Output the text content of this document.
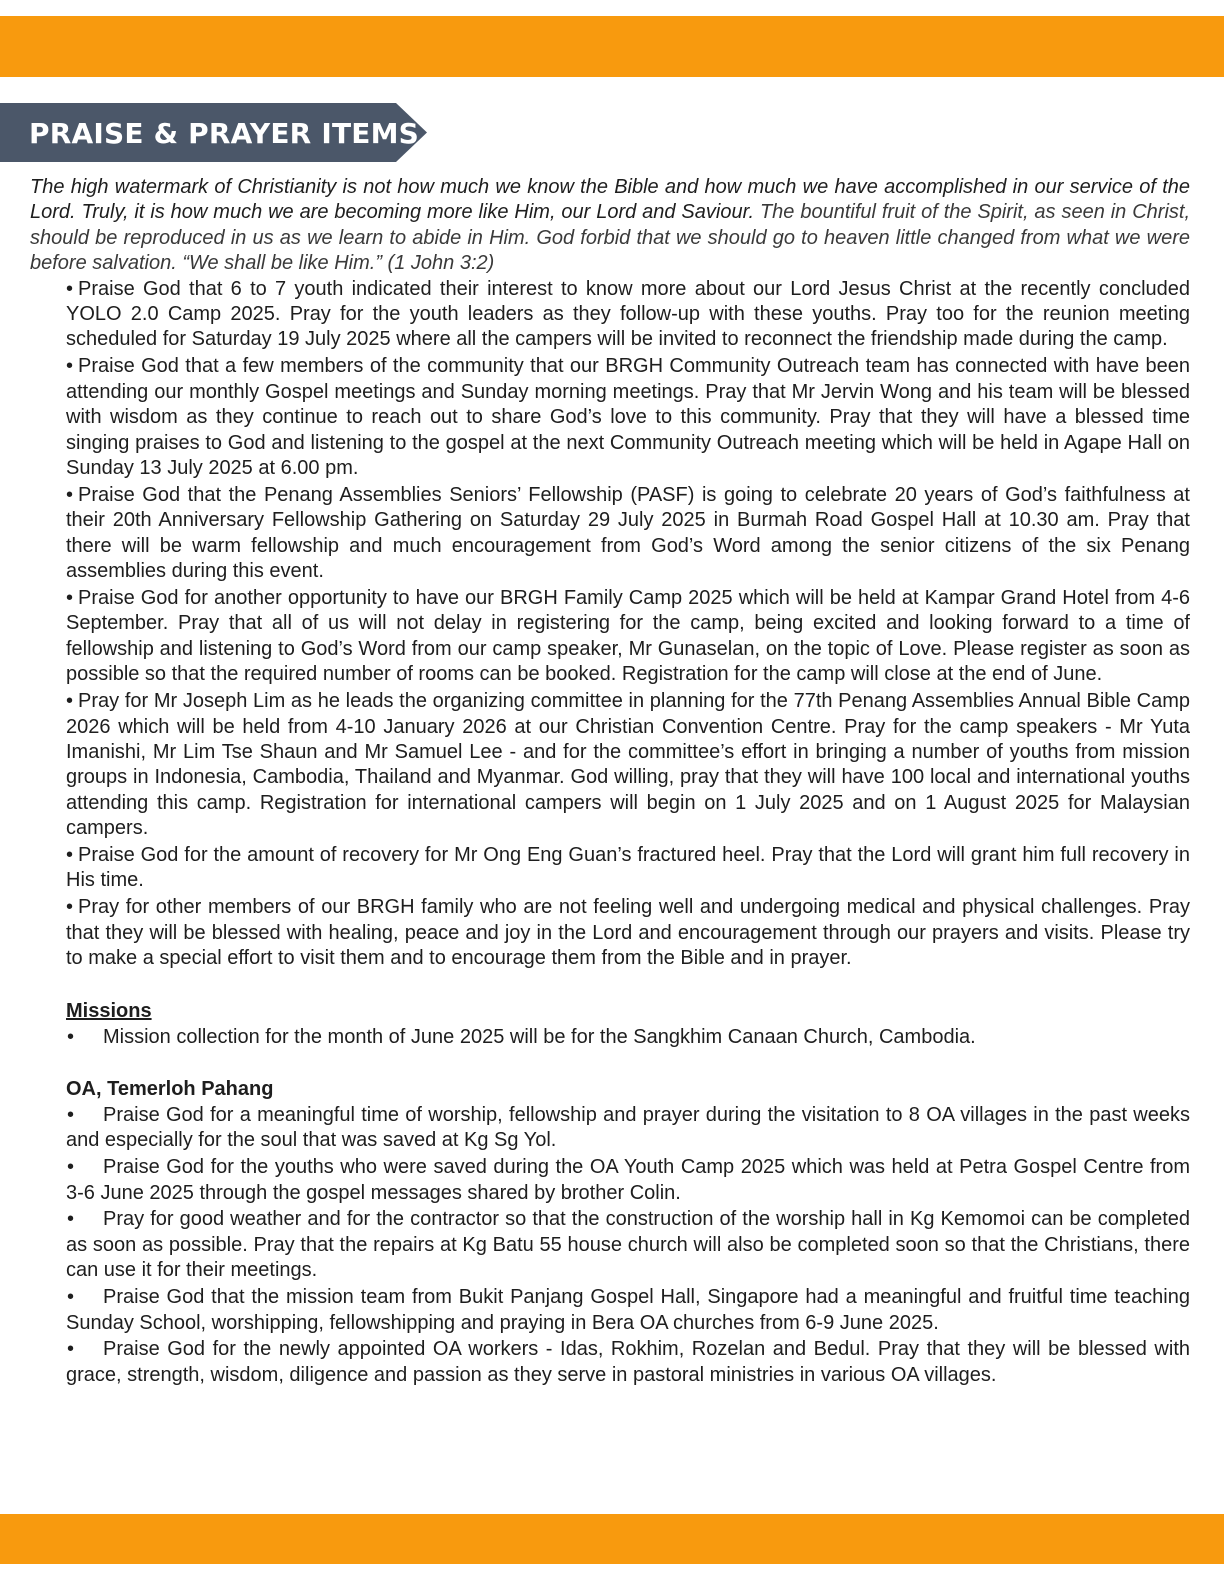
PRAISE & PRAYER ITEMS

The high watermark of Christianity is not how much we know the Bible and how much we have accomplished in our service of the Lord. Truly, it is how much we are becoming more like Him, our Lord and Saviour. The bountiful fruit of the Spirit, as seen in Christ, should be reproduced in us as we learn to abide in Him. God forbid that we should go to heaven little changed from what we were before salvation. “We shall be like Him.” (1 John 3:2)

• Praise God that 6 to 7 youth indicated their interest to know more about our Lord Jesus Christ at the recently concluded YOLO 2.0 Camp 2025. Pray for the youth leaders as they follow-up with these youths. Pray too for the reunion meeting scheduled for Saturday 19 July 2025 where all the campers will be invited to reconnect the friendship made during the camp.
• Praise God that a few members of the community that our BRGH Community Outreach team has connected with have been attending our monthly Gospel meetings and Sunday morning meetings. Pray that Mr Jervin Wong and his team will be blessed with wisdom as they continue to reach out to share God’s love to this community. Pray that they will have a blessed time singing praises to God and listening to the gospel at the next Community Outreach meeting which will be held in Agape Hall on Sunday 13 July 2025 at 6.00 pm.
• Praise God that the Penang Assemblies Seniors’ Fellowship (PASF) is going to celebrate 20 years of God’s faithfulness at their 20th Anniversary Fellowship Gathering on Saturday 29 July 2025 in Burmah Road Gospel Hall at 10.30 am. Pray that there will be warm fellowship and much encouragement from God’s Word among the senior citizens of the six Penang assemblies during this event.
• Praise God for another opportunity to have our BRGH Family Camp 2025 which will be held at Kampar Grand Hotel from 4-6 September. Pray that all of us will not delay in registering for the camp, being excited and looking forward to a time of fellowship and listening to God’s Word from our camp speaker, Mr Gunaselan, on the topic of Love. Please register as soon as possible so that the required number of rooms can be booked. Registration for the camp will close at the end of June.
• Pray for Mr Joseph Lim as he leads the organizing committee in planning for the 77th Penang Assemblies Annual Bible Camp 2026 which will be held from 4-10 January 2026 at our Christian Convention Centre. Pray for the camp speakers - Mr Yuta Imanishi, Mr Lim Tse Shaun and Mr Samuel Lee - and for the committee’s effort in bringing a number of youths from mission groups in Indonesia, Cambodia, Thailand and Myanmar. God willing, pray that they will have 100 local and international youths attending this camp. Registration for international campers will begin on 1 July 2025 and on 1 August 2025 for Malaysian campers.
• Praise God for the amount of recovery for Mr Ong Eng Guan’s fractured heel. Pray that the Lord will grant him full recovery in His time.
• Pray for other members of our BRGH family who are not feeling well and undergoing medical and physical challenges. Pray that they will be blessed with healing, peace and joy in the Lord and encouragement through our prayers and visits. Please try to make a special effort to visit them and to encourage them from the Bible and in prayer.
Missions
• Mission collection for the month of June 2025 will be for the Sangkhim Canaan Church, Cambodia.
OA, Temerloh Pahang
• Praise God for a meaningful time of worship, fellowship and prayer during the visitation to 8 OA villages in the past weeks and especially for the soul that was saved at Kg Sg Yol.
• Praise God for the youths who were saved during the OA Youth Camp 2025 which was held at Petra Gospel Centre from 3-6 June 2025 through the gospel messages shared by brother Colin.
• Pray for good weather and for the contractor so that the construction of the worship hall in Kg Kemomoi can be completed as soon as possible. Pray that the repairs at Kg Batu 55 house church will also be completed soon so that the Christians, there can use it for their meetings.
• Praise God that the mission team from Bukit Panjang Gospel Hall, Singapore had a meaningful and fruitful time teaching Sunday School, worshipping, fellowshipping and praying in Bera OA churches from 6-9 June 2025.
• Praise God for the newly appointed OA workers - Idas, Rokhim, Rozelan and Bedul. Pray that they will be blessed with grace, strength, wisdom, diligence and passion as they serve in pastoral ministries in various OA villages.
